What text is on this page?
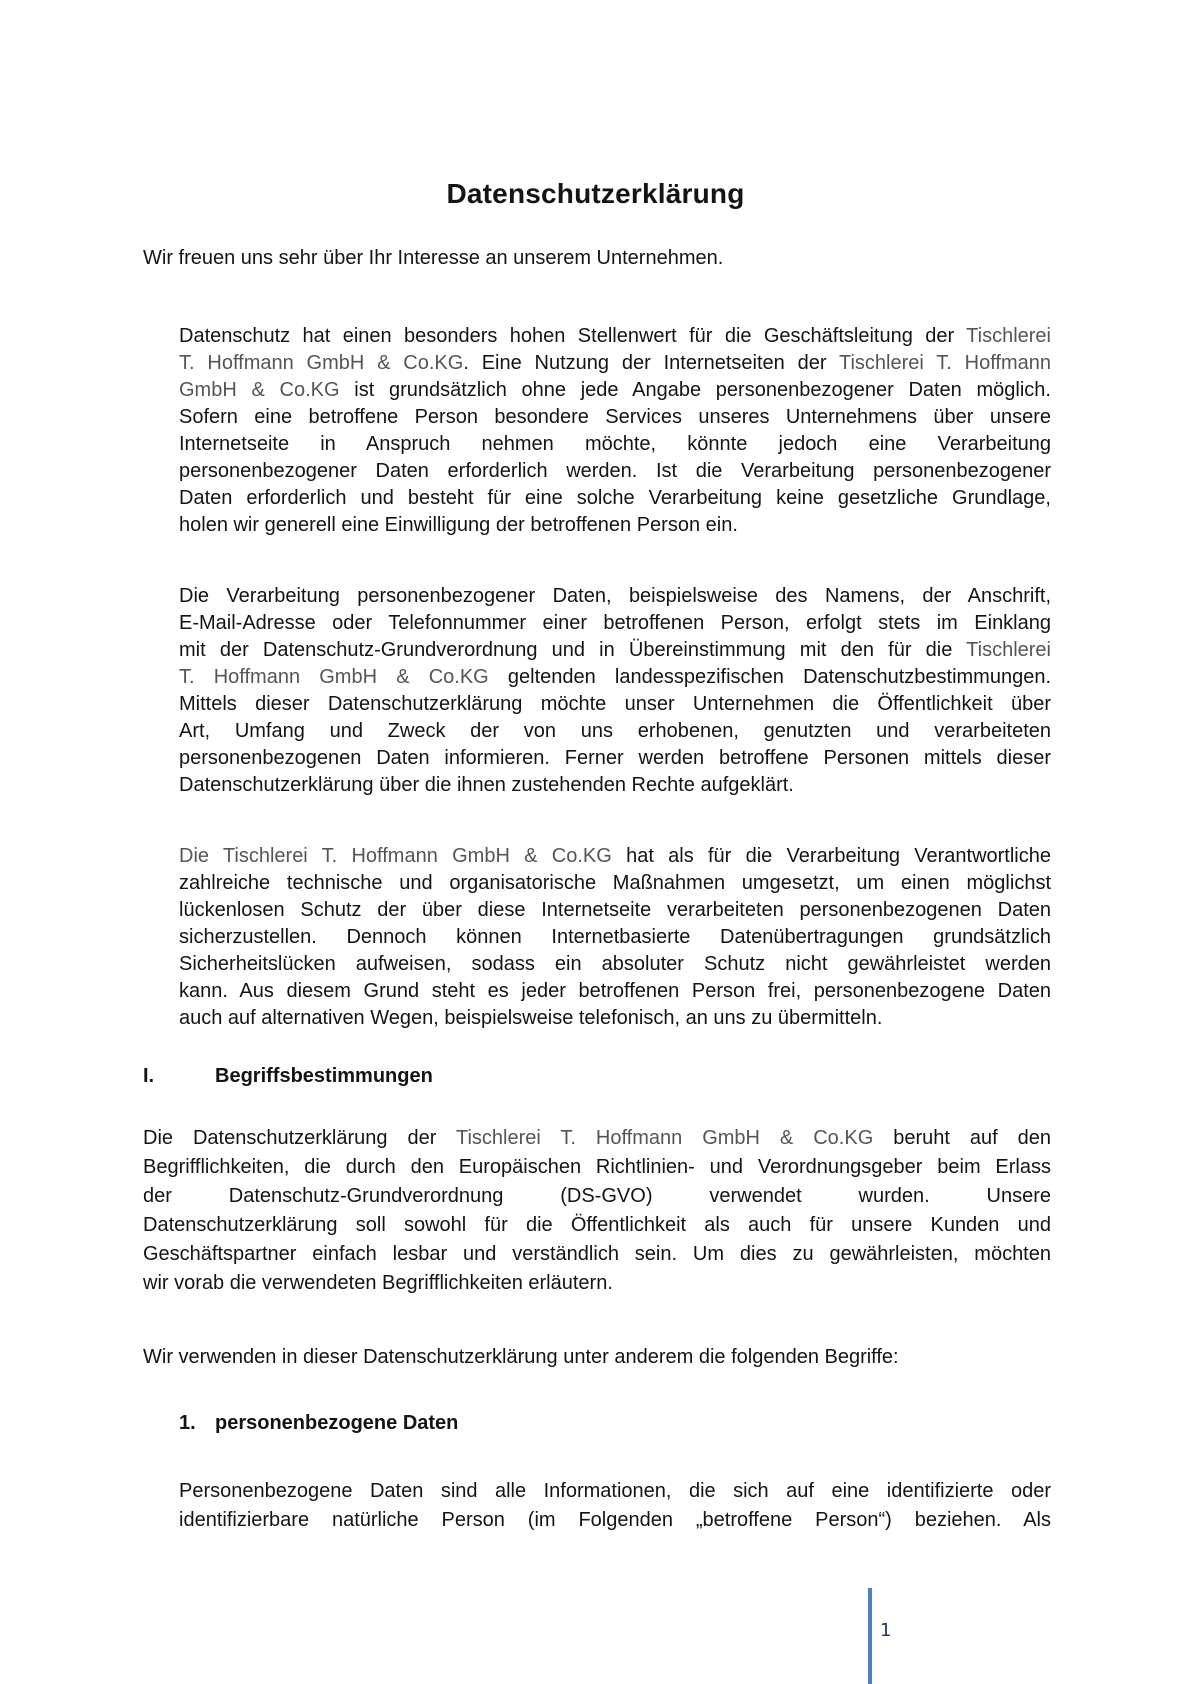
Datenschutzerklärung
Wir freuen uns sehr über Ihr Interesse an unserem Unternehmen.
Datenschutz hat einen besonders hohen Stellenwert für die Geschäftsleitung der Tischlerei
T. Hoffmann GmbH & Co.KG. Eine Nutzung der Internetseiten der Tischlerei T. Hoffmann
GmbH & Co.KG ist grundsätzlich ohne jede Angabe personenbezogener Daten möglich.
Sofern eine betroffene Person besondere Services unseres Unternehmens über unsere
Internetseite in Anspruch nehmen möchte, könnte jedoch eine Verarbeitung
personenbezogener Daten erforderlich werden. Ist die Verarbeitung personenbezogener
Daten erforderlich und besteht für eine solche Verarbeitung keine gesetzliche Grundlage,
holen wir generell eine Einwilligung der betroffenen Person ein.
Die Verarbeitung personenbezogener Daten, beispielsweise des Namens, der Anschrift,
E-Mail-Adresse oder Telefonnummer einer betroffenen Person, erfolgt stets im Einklang
mit der Datenschutz-Grundverordnung und in Übereinstimmung mit den für die Tischlerei
T. Hoffmann GmbH & Co.KG geltenden landesspezifischen Datenschutzbestimmungen.
Mittels dieser Datenschutzerklärung möchte unser Unternehmen die Öffentlichkeit über
Art, Umfang und Zweck der von uns erhobenen, genutzten und verarbeiteten
personenbezogenen Daten informieren. Ferner werden betroffene Personen mittels dieser
Datenschutzerklärung über die ihnen zustehenden Rechte aufgeklärt.
Die Tischlerei T. Hoffmann GmbH & Co.KG hat als für die Verarbeitung Verantwortliche
zahlreiche technische und organisatorische Maßnahmen umgesetzt, um einen möglichst
lückenlosen Schutz der über diese Internetseite verarbeiteten personenbezogenen Daten
sicherzustellen. Dennoch können Internetbasierte Datenübertragungen grundsätzlich
Sicherheitslücken aufweisen, sodass ein absoluter Schutz nicht gewährleistet werden
kann. Aus diesem Grund steht es jeder betroffenen Person frei, personenbezogene Daten
auch auf alternativen Wegen, beispielsweise telefonisch, an uns zu übermitteln.
I.	Begriffsbestimmungen
Die Datenschutzerklärung der Tischlerei T. Hoffmann GmbH & Co.KG beruht auf den
Begrifflichkeiten, die durch den Europäischen Richtlinien- und Verordnungsgeber beim Erlass
der Datenschutz-Grundverordnung (DS-GVO) verwendet wurden. Unsere
Datenschutzerklärung soll sowohl für die Öffentlichkeit als auch für unsere Kunden und
Geschäftspartner einfach lesbar und verständlich sein. Um dies zu gewährleisten, möchten
wir vorab die verwendeten Begrifflichkeiten erläutern.
Wir verwenden in dieser Datenschutzerklärung unter anderem die folgenden Begriffe:
1. personenbezogene Daten
Personenbezogene Daten sind alle Informationen, die sich auf eine identifizierte oder
identifizierbare natürliche Person (im Folgenden „betroffene Person“) beziehen. Als
1
